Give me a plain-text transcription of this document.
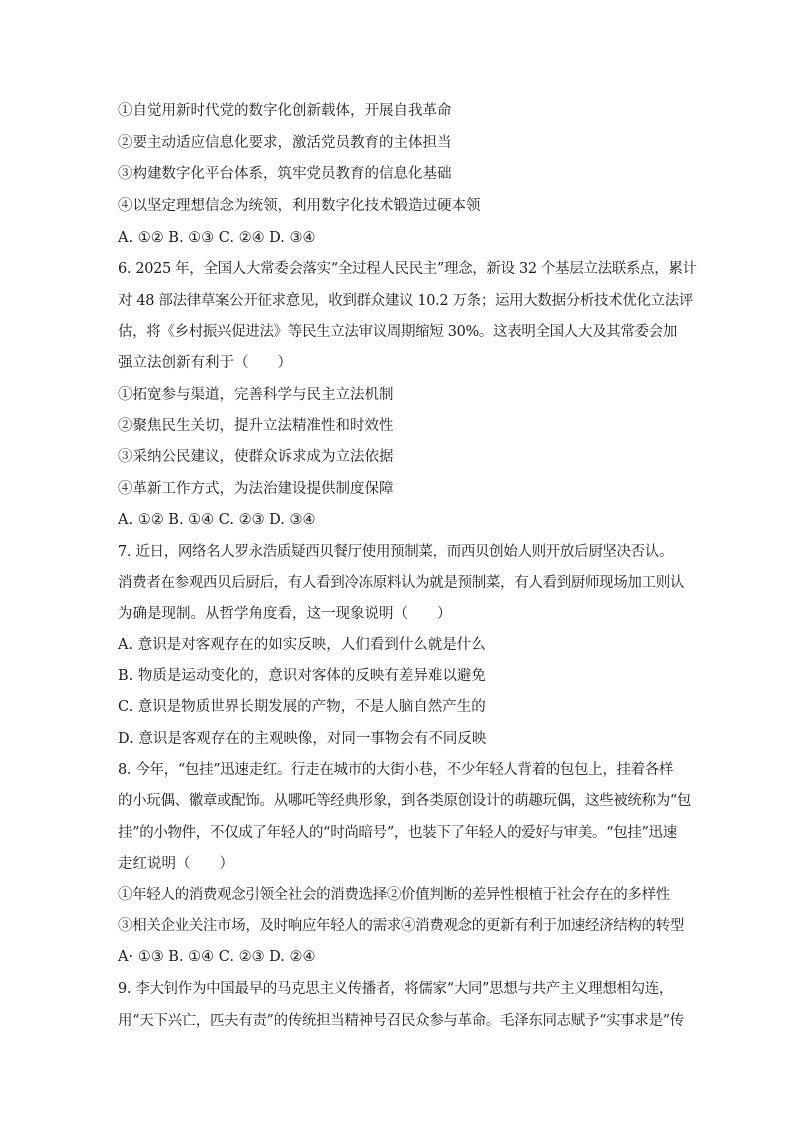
①自觉用新时代党的数字化创新载体，开展自我革命
②要主动适应信息化要求，激活党员教育的主体担当
③构建数字化平台体系，筑牢党员教育的信息化基础
④以坚定理想信念为统领，利用数字化技术锻造过硬本领
A. ①② B. ①③ C. ②④ D. ③④
6. 2025 年，全国人大常委会落实“全过程人民民主”理念，新设 32 个基层立法联系点，累计
对 48 部法律草案公开征求意见，收到群众建议 10.2 万条；运用大数据分析技术优化立法评
估，将《乡村振兴促进法》等民生立法审议周期缩短 30%。这表明全国人大及其常委会加
强立法创新有利于（　　）
①拓宽参与渠道，完善科学与民主立法机制
②聚焦民生关切，提升立法精准性和时效性
③采纳公民建议，使群众诉求成为立法依据
④革新工作方式，为法治建设提供制度保障
A. ①② B. ①④ C. ②③ D. ③④
7. 近日，网络名人罗永浩质疑西贝餐厅使用预制菜，而西贝创始人则开放后厨坚决否认。
消费者在参观西贝后厨后，有人看到冷冻原料认为就是预制菜，有人看到厨师现场加工则认
为确是现制。从哲学角度看，这一现象说明（　　）
A. 意识是对客观存在的如实反映，人们看到什么就是什么
B. 物质是运动变化的，意识对客体的反映有差异难以避免
C. 意识是物质世界长期发展的产物，不是人脑自然产生的
D. 意识是客观存在的主观映像，对同一事物会有不同反映
8. 今年，“包挂”迅速走红。行走在城市的大街小巷，不少年轻人背着的包包上，挂着各样
的小玩偶、徽章或配饰。从哪吒等经典形象，到各类原创设计的萌趣玩偶，这些被统称为“包
挂”的小物件，不仅成了年轻人的“时尚暗号”，也装下了年轻人的爱好与审美。“包挂”迅速
走红说明（　　）
①年轻人的消费观念引领全社会的消费选择②价值判断的差异性根植于社会存在的多样性
③相关企业关注市场，及时响应年轻人的需求④消费观念的更新有利于加速经济结构的转型
A· ①③ B. ①④ C. ②③ D. ②④
9. 李大钊作为中国最早的马克思主义传播者，将儒家“大同”思想与共产主义理想相勾连，
用“天下兴亡，匹夫有责”的传统担当精神号召民众参与革命。毛泽东同志赋予“实事求是”传
